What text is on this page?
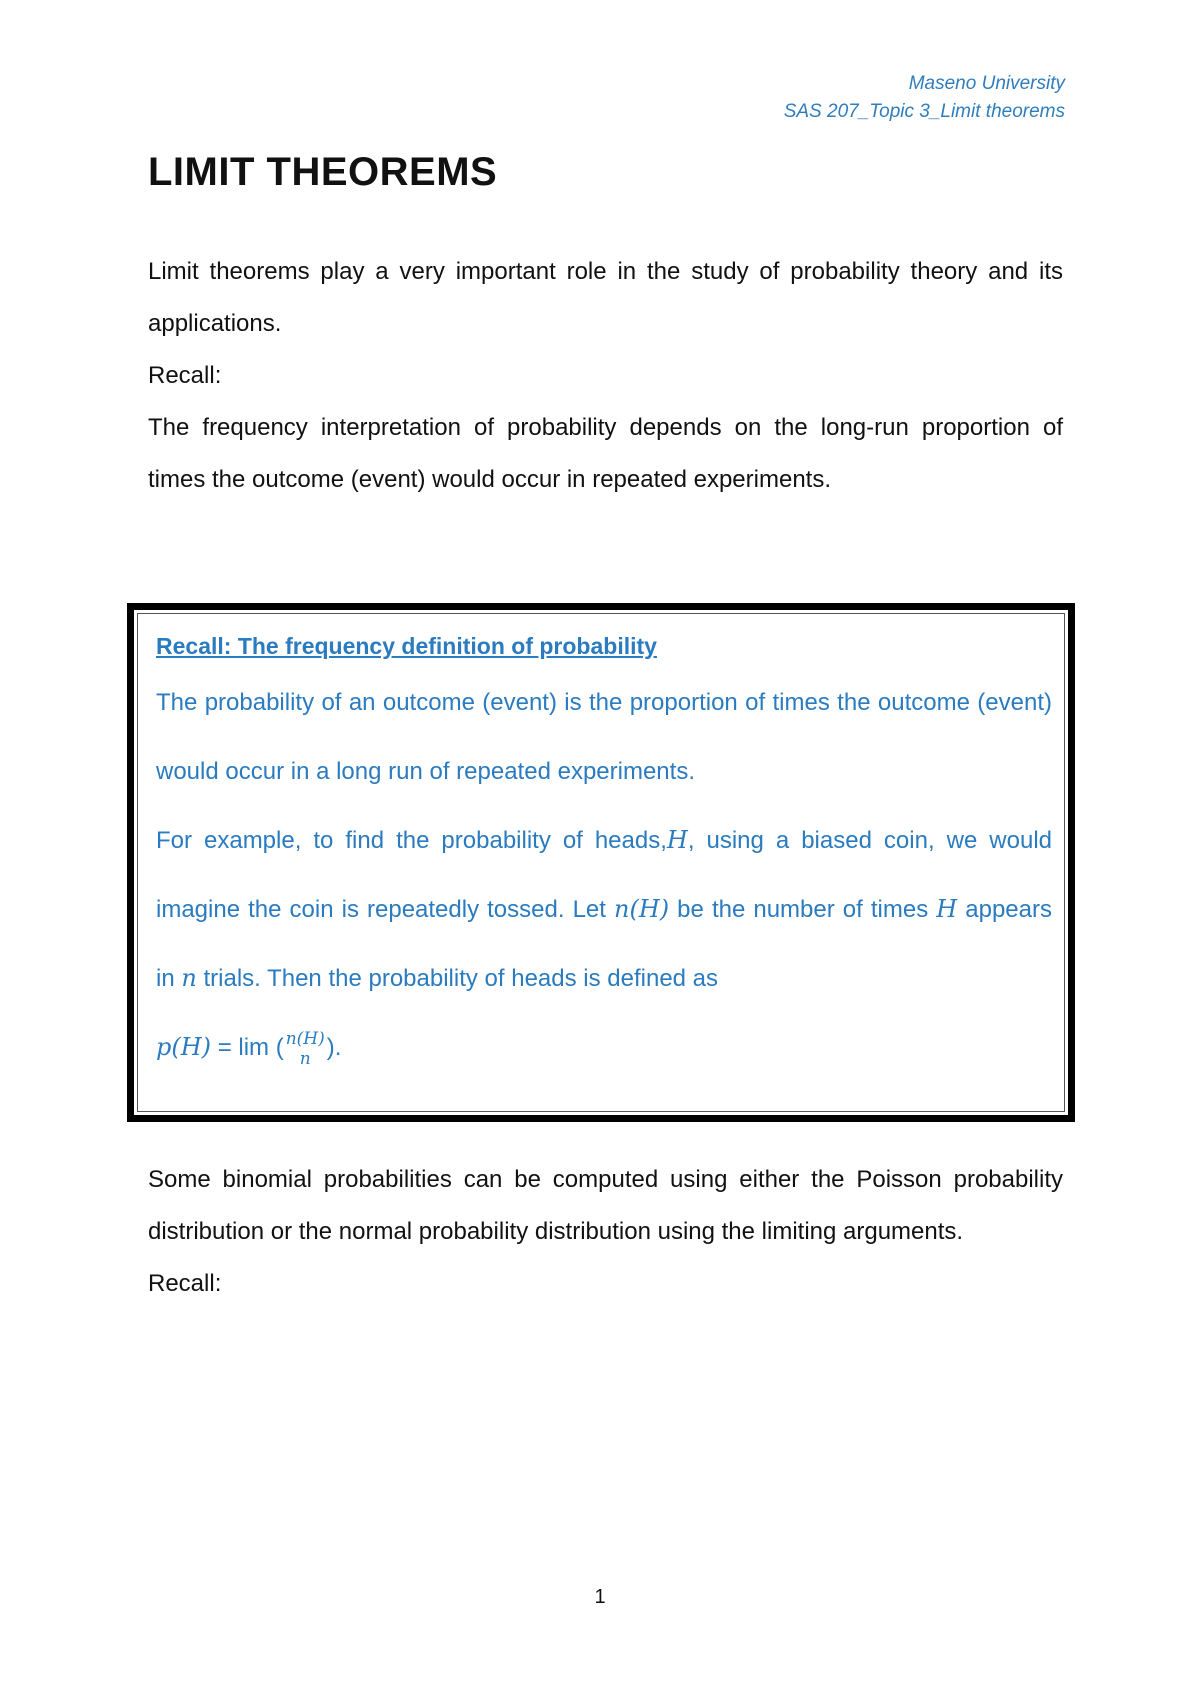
Maseno University
SAS 207_Topic 3_Limit theorems
LIMIT THEOREMS
Limit theorems play a very important role in the study of probability theory and its applications.
Recall:
The frequency interpretation of probability depends on the long-run proportion of times the outcome (event) would occur in repeated experiments.

Recall: The frequency definition of probability

The probability of an outcome (event) is the proportion of times the outcome (event) would occur in a long run of repeated experiments.

For example, to find the probability of heads,H, using a biased coin, we would imagine the coin is repeatedly tossed. Let n(H) be the number of times H appears in n trials. Then the probability of heads is defined as

p(H) = lim ( n(H)
n ).

Some binomial probabilities can be computed using either the Poisson probability distribution or the normal probability distribution using the limiting arguments.
Recall:
1
